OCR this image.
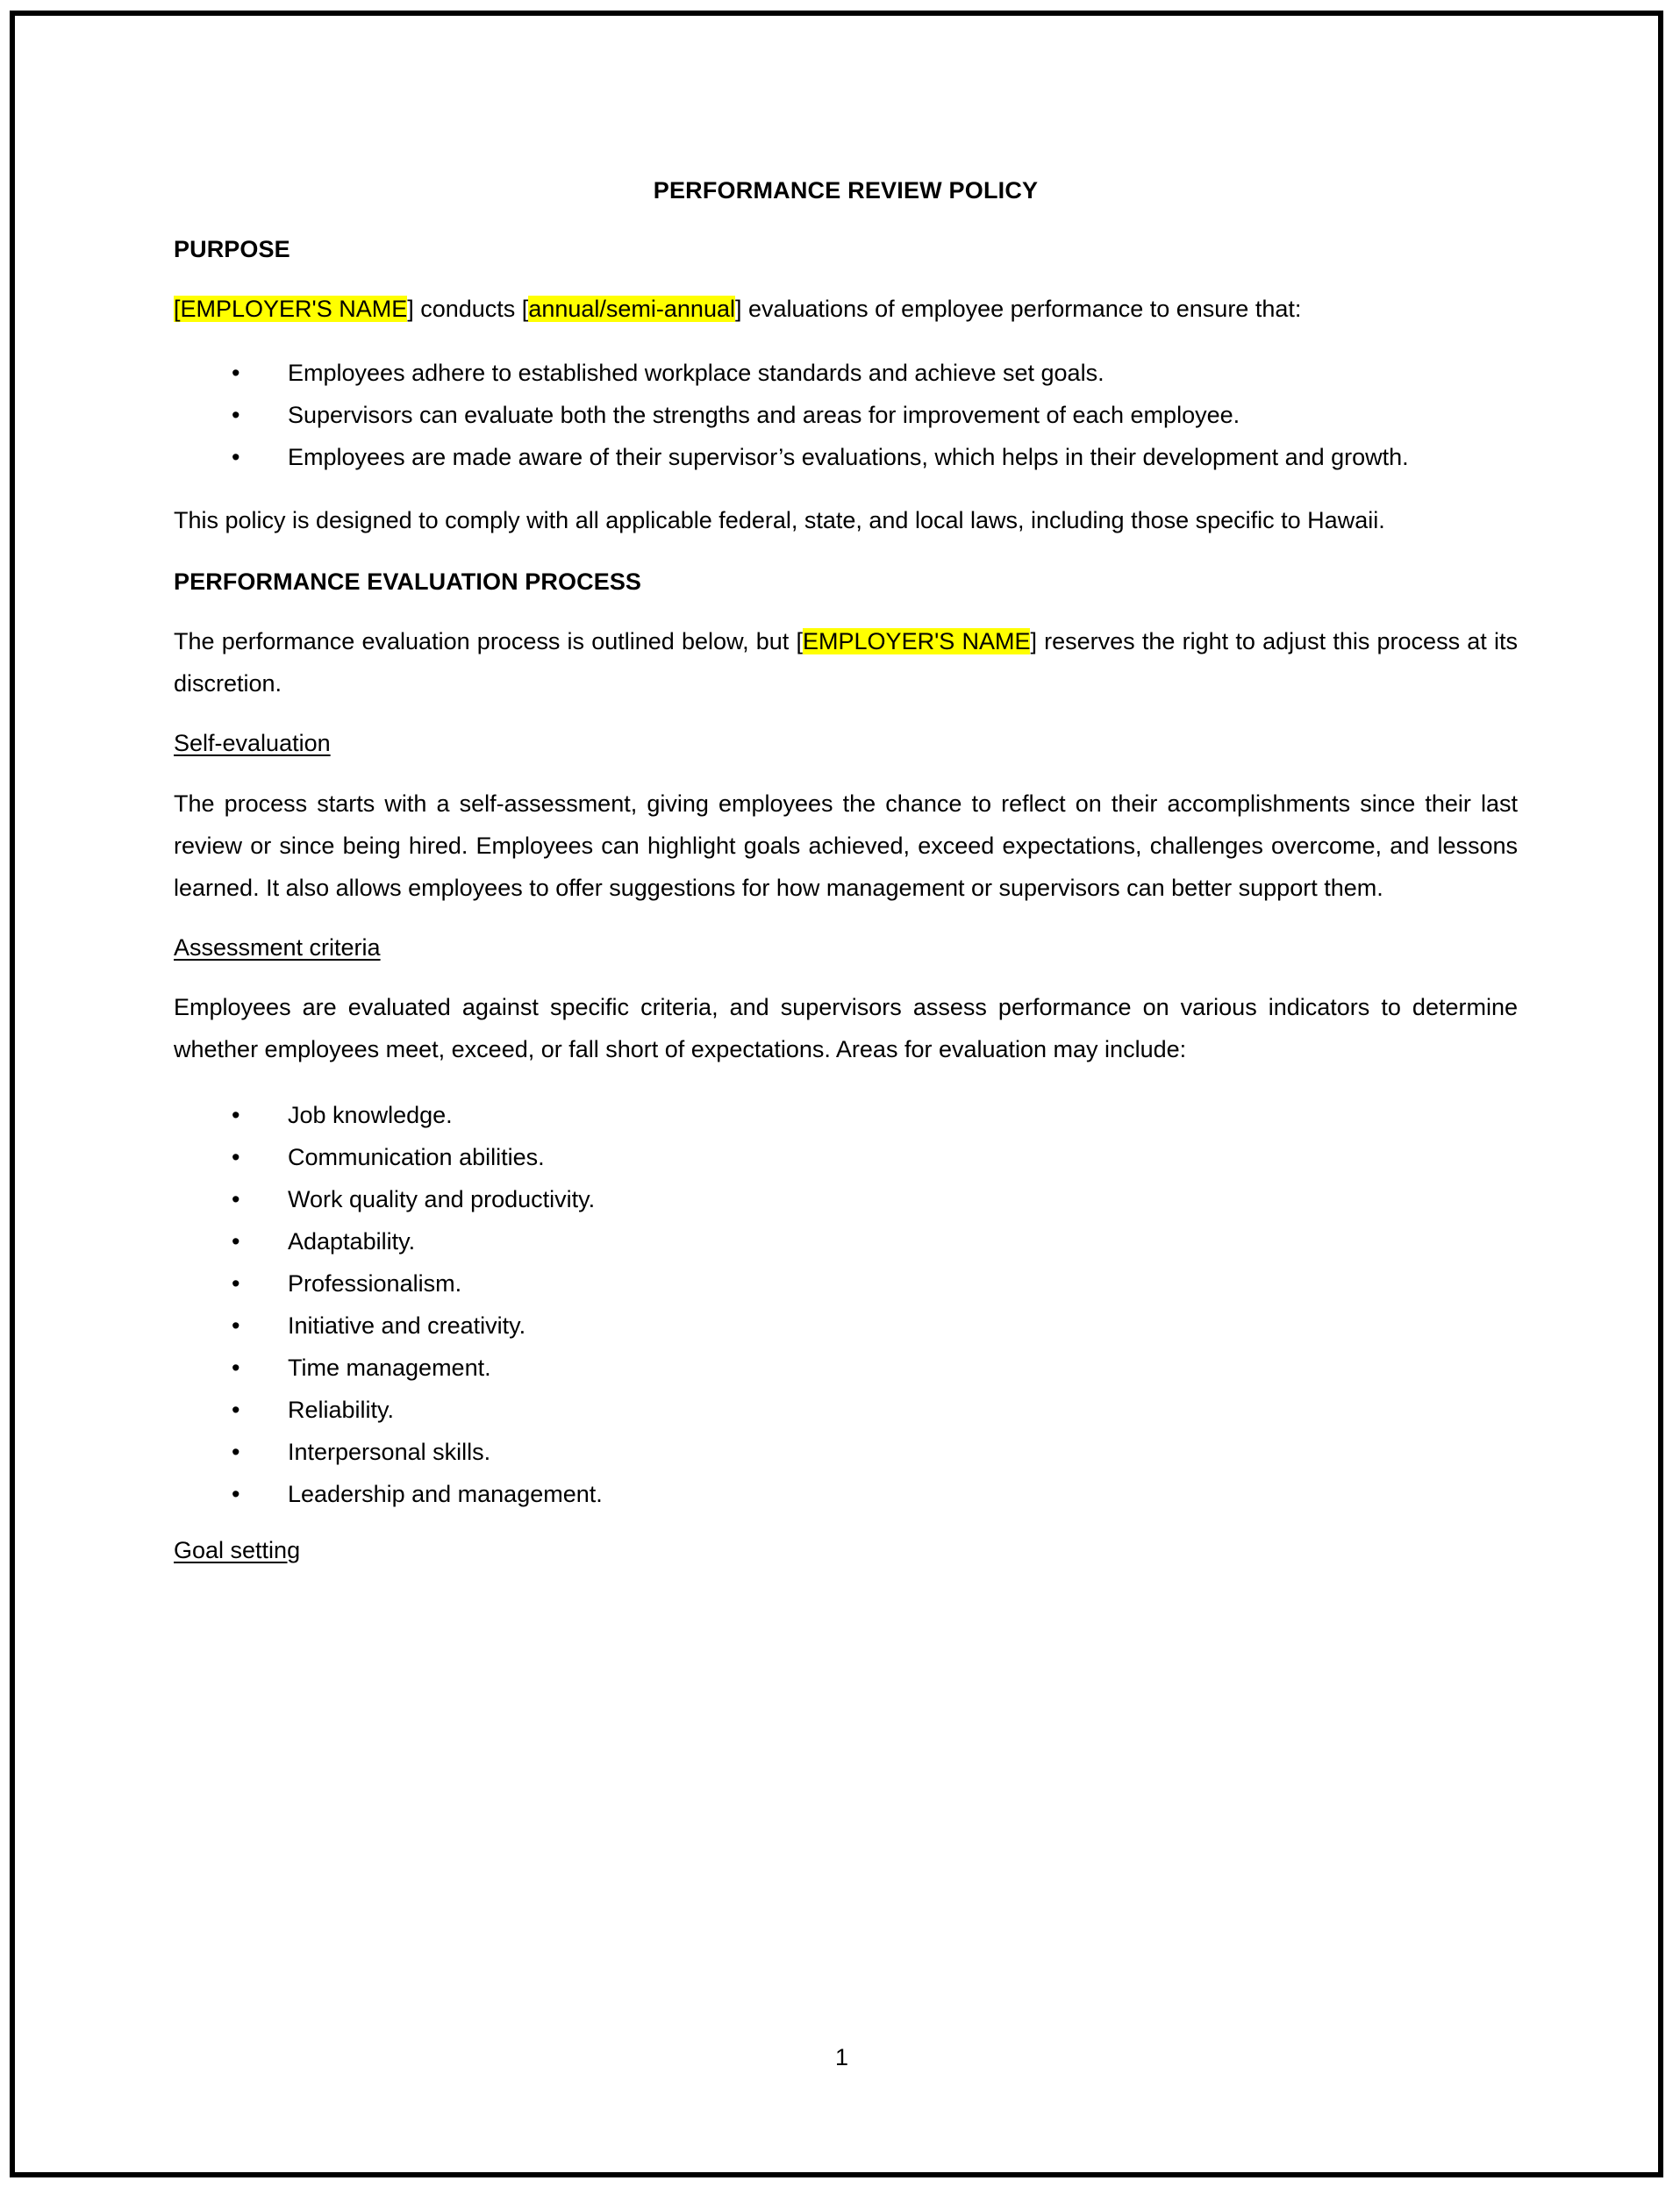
PERFORMANCE REVIEW POLICY
PURPOSE

[EMPLOYER'S NAME] conducts [annual/semi-annual] evaluations of employee performance to ensure that:

• Employees adhere to established workplace standards and achieve set goals.
• Supervisors can evaluate both the strengths and areas for improvement of each employee.
• Employees are made aware of their supervisor’s evaluations, which helps in their development and growth.

This policy is designed to comply with all applicable federal, state, and local laws, including those specific to Hawaii.

PERFORMANCE EVALUATION PROCESS

The performance evaluation process is outlined below, but [EMPLOYER'S NAME] reserves the right to adjust this process at its discretion.

Self-evaluation

The process starts with a self-assessment, giving employees the chance to reflect on their accomplishments since their last review or since being hired. Employees can highlight goals achieved, exceed expectations, challenges overcome, and lessons learned. It also allows employees to offer suggestions for how management or supervisors can better support them.

Assessment criteria

Employees are evaluated against specific criteria, and supervisors assess performance on various indicators to determine whether employees meet, exceed, or fall short of expectations. Areas for evaluation may include:

• Job knowledge.
• Communication abilities.
• Work quality and productivity.
• Adaptability.
• Professionalism.
• Initiative and creativity.
• Time management.
• Reliability.
• Interpersonal skills.
• Leadership and management.
Goal setting
1
